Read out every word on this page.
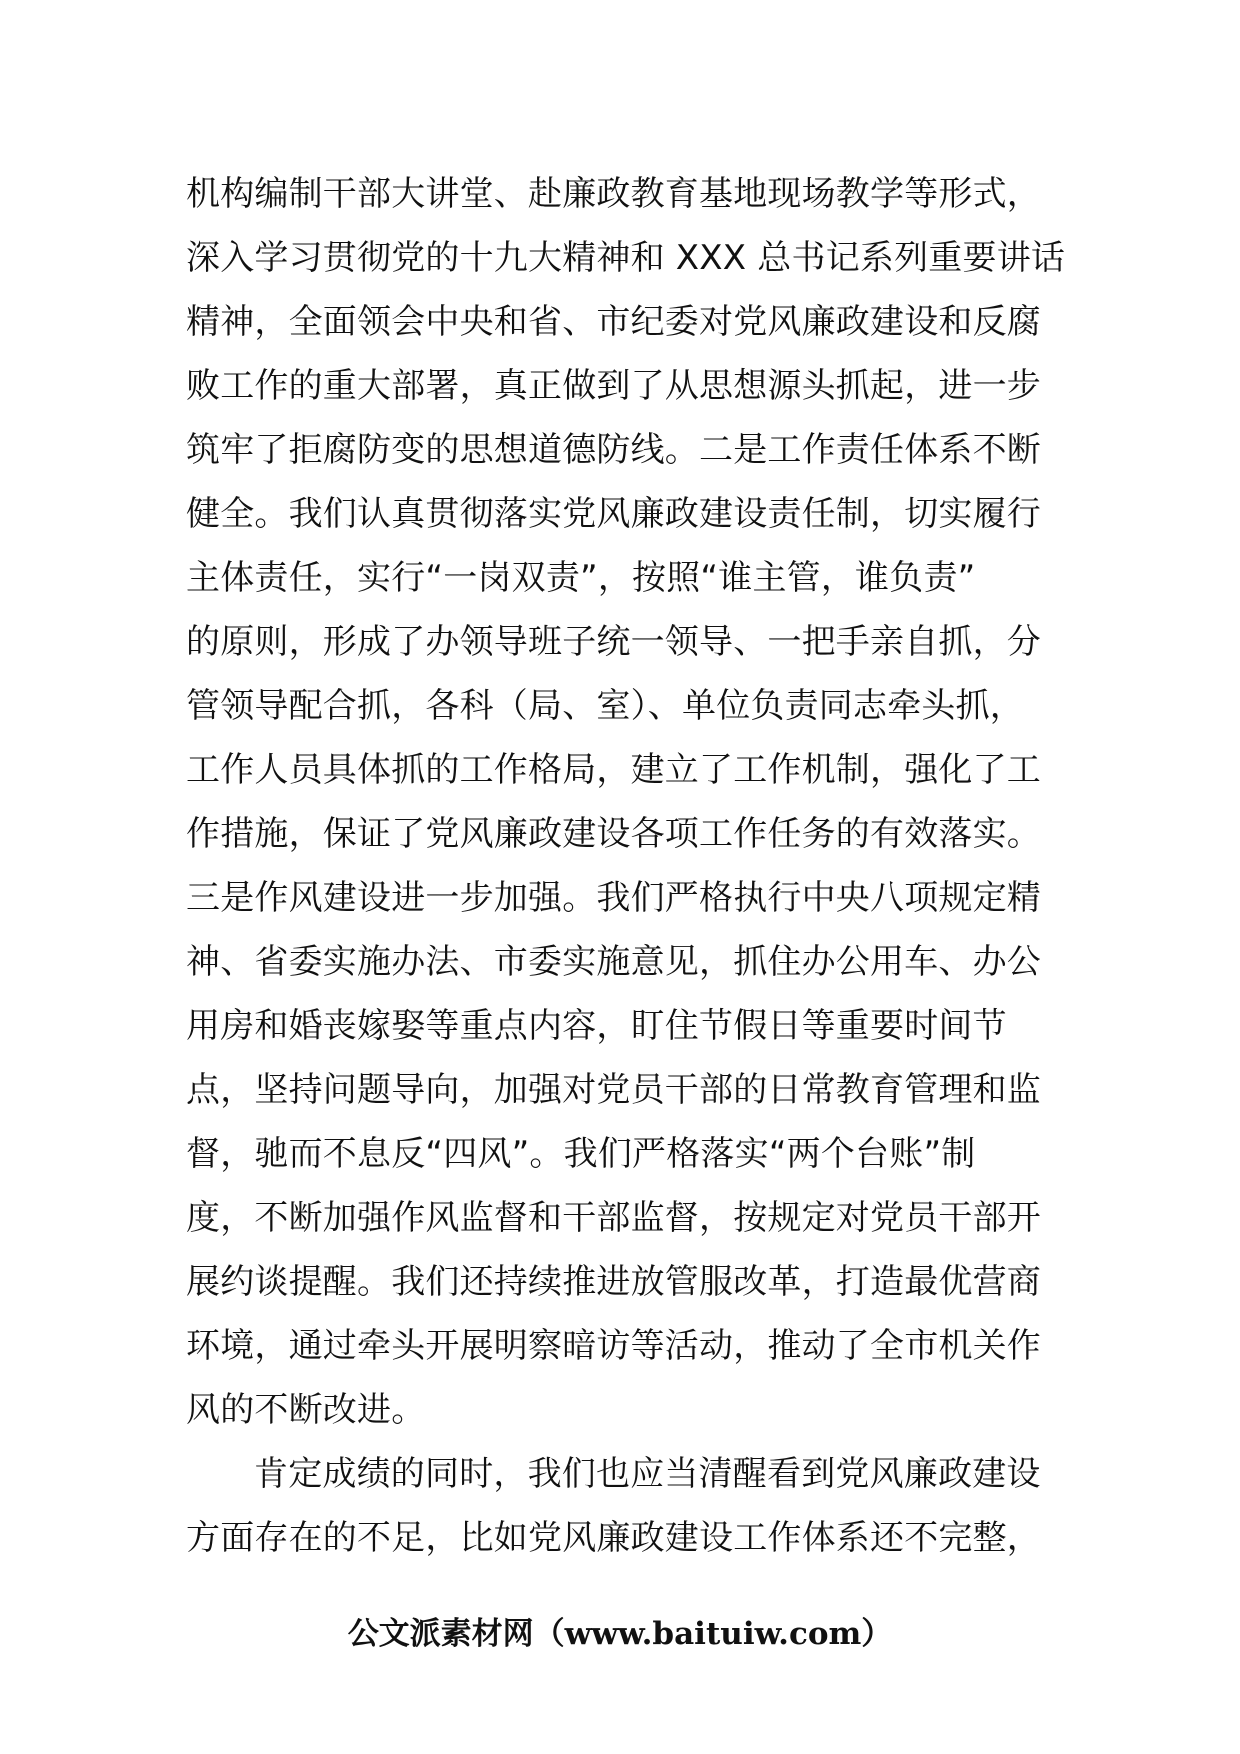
机构编制干部大讲堂、赴廉政教育基地现场教学等形式，
深入学习贯彻党的十九大精神和 XXX 总书记系列重要讲话
精神，全面领会中央和省、市纪委对党风廉政建设和反腐
败工作的重大部署，真正做到了从思想源头抓起，进一步
筑牢了拒腐防变的思想道德防线。二是工作责任体系不断
健全。我们认真贯彻落实党风廉政建设责任制，切实履行
主体责任，实行“一岗双责”，按照“谁主管，谁负责”
的原则，形成了办领导班子统一领导、一把手亲自抓，分
管领导配合抓，各科（局、室）、单位负责同志牵头抓，
工作人员具体抓的工作格局，建立了工作机制，强化了工
作措施，保证了党风廉政建设各项工作任务的有效落实。
三是作风建设进一步加强。我们严格执行中央八项规定精
神、省委实施办法、市委实施意见，抓住办公用车、办公
用房和婚丧嫁娶等重点内容，盯住节假日等重要时间节
点，坚持问题导向，加强对党员干部的日常教育管理和监
督，驰而不息反“四风”。我们严格落实“两个台账”制
度，不断加强作风监督和干部监督，按规定对党员干部开
展约谈提醒。我们还持续推进放管服改革，打造最优营商
环境，通过牵头开展明察暗访等活动，推动了全市机关作
风的不断改进。
肯定成绩的同时，我们也应当清醒看到党风廉政建设
方面存在的不足，比如党风廉政建设工作体系还不完整，
公文派素材网（www.baituiw.com）
